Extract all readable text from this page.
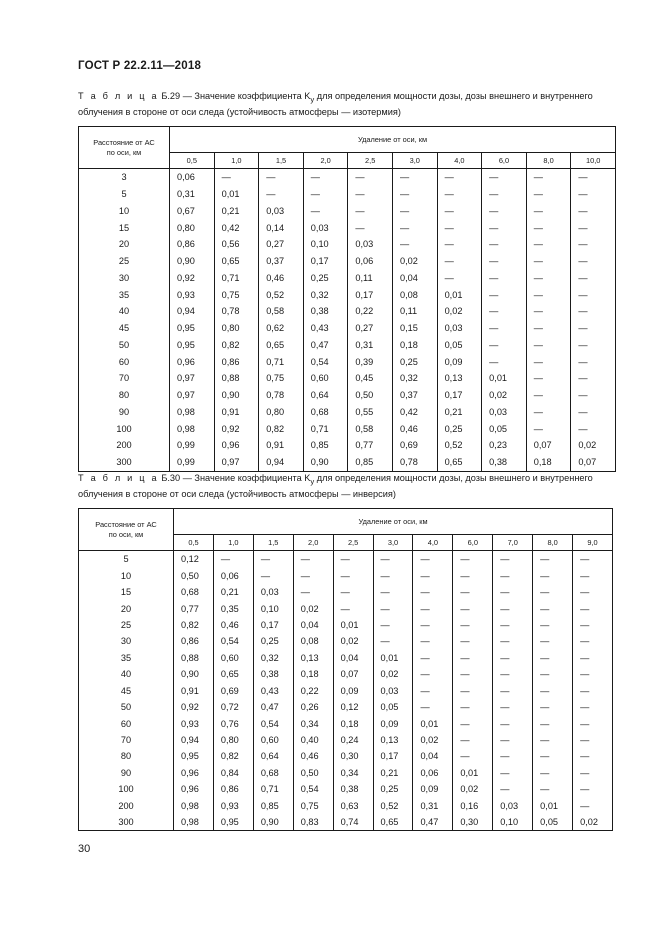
ГОСТ Р 22.2.11—2018
Т а б л и ц а Б.29 — Значение коэффициента $K_у$ для определения мощности дозы, дозы внешнего и внутреннего облучения в стороне от оси следа (устойчивость атмосферы — изотермия)
Расстояние от АС
по оси, км	Удаление от оси, км									
	0,5	1,0	1,5	2,0	2,5	3,0	4,0	6,0	8,0	10,0
3	0,06	—	—	—	—	—	—	—	—	—
5	0,31	0,01	—	—	—	—	—	—	—	—
10	0,67	0,21	0,03	—	—	—	—	—	—	—
15	0,80	0,42	0,14	0,03	—	—	—	—	—	—
20	0,86	0,56	0,27	0,10	0,03	—	—	—	—	—
25	0,90	0,65	0,37	0,17	0,06	0,02	—	—	—	—
30	0,92	0,71	0,46	0,25	0,11	0,04	—	—	—	—
35	0,93	0,75	0,52	0,32	0,17	0,08	0,01	—	—	—
40	0,94	0,78	0,58	0,38	0,22	0,11	0,02	—	—	—
45	0,95	0,80	0,62	0,43	0,27	0,15	0,03	—	—	—
50	0,95	0,82	0,65	0,47	0,31	0,18	0,05	—	—	—
60	0,96	0,86	0,71	0,54	0,39	0,25	0,09	—	—	—
70	0,97	0,88	0,75	0,60	0,45	0,32	0,13	0,01	—	—
80	0,97	0,90	0,78	0,64	0,50	0,37	0,17	0,02	—	—
90	0,98	0,91	0,80	0,68	0,55	0,42	0,21	0,03	—	—
100	0,98	0,92	0,82	0,71	0,58	0,46	0,25	0,05	—	—
200	0,99	0,96	0,91	0,85	0,77	0,69	0,52	0,23	0,07	0,02
300	0,99	0,97	0,94	0,90	0,85	0,78	0,65	0,38	0,18	0,07
Т а б л и ц а Б.30 — Значение коэффициента $K_у$ для определения мощности дозы, дозы внешнего и внутреннего облучения в стороне от оси следа (устойчивость атмосферы — инверсия)
Расстояние от АС
по оси, км	Удаление от оси, км										
	0,5	1,0	1,5	2,0	2,5	3,0	4,0	6,0	7,0	8,0	9,0
5	0,12	—	—	—	—	—	—	—	—	—	—
10	0,50	0,06	—	—	—	—	—	—	—	—	—
15	0,68	0,21	0,03	—	—	—	—	—	—	—	—
20	0,77	0,35	0,10	0,02	—	—	—	—	—	—	—
25	0,82	0,46	0,17	0,04	0,01	—	—	—	—	—	—
30	0,86	0,54	0,25	0,08	0,02	—	—	—	—	—	—
35	0,88	0,60	0,32	0,13	0,04	0,01	—	—	—	—	—
40	0,90	0,65	0,38	0,18	0,07	0,02	—	—	—	—	—
45	0,91	0,69	0,43	0,22	0,09	0,03	—	—	—	—	—
50	0,92	0,72	0,47	0,26	0,12	0,05	—	—	—	—	—
60	0,93	0,76	0,54	0,34	0,18	0,09	0,01	—	—	—	—
70	0,94	0,80	0,60	0,40	0,24	0,13	0,02	—	—	—	—
80	0,95	0,82	0,64	0,46	0,30	0,17	0,04	—	—	—	—
90	0,96	0,84	0,68	0,50	0,34	0,21	0,06	0,01	—	—	—
100	0,96	0,86	0,71	0,54	0,38	0,25	0,09	0,02	—	—	—
200	0,98	0,93	0,85	0,75	0,63	0,52	0,31	0,16	0,03	0,01	—
300	0,98	0,95	0,90	0,83	0,74	0,65	0,47	0,30	0,10	0,05	0,02
30
